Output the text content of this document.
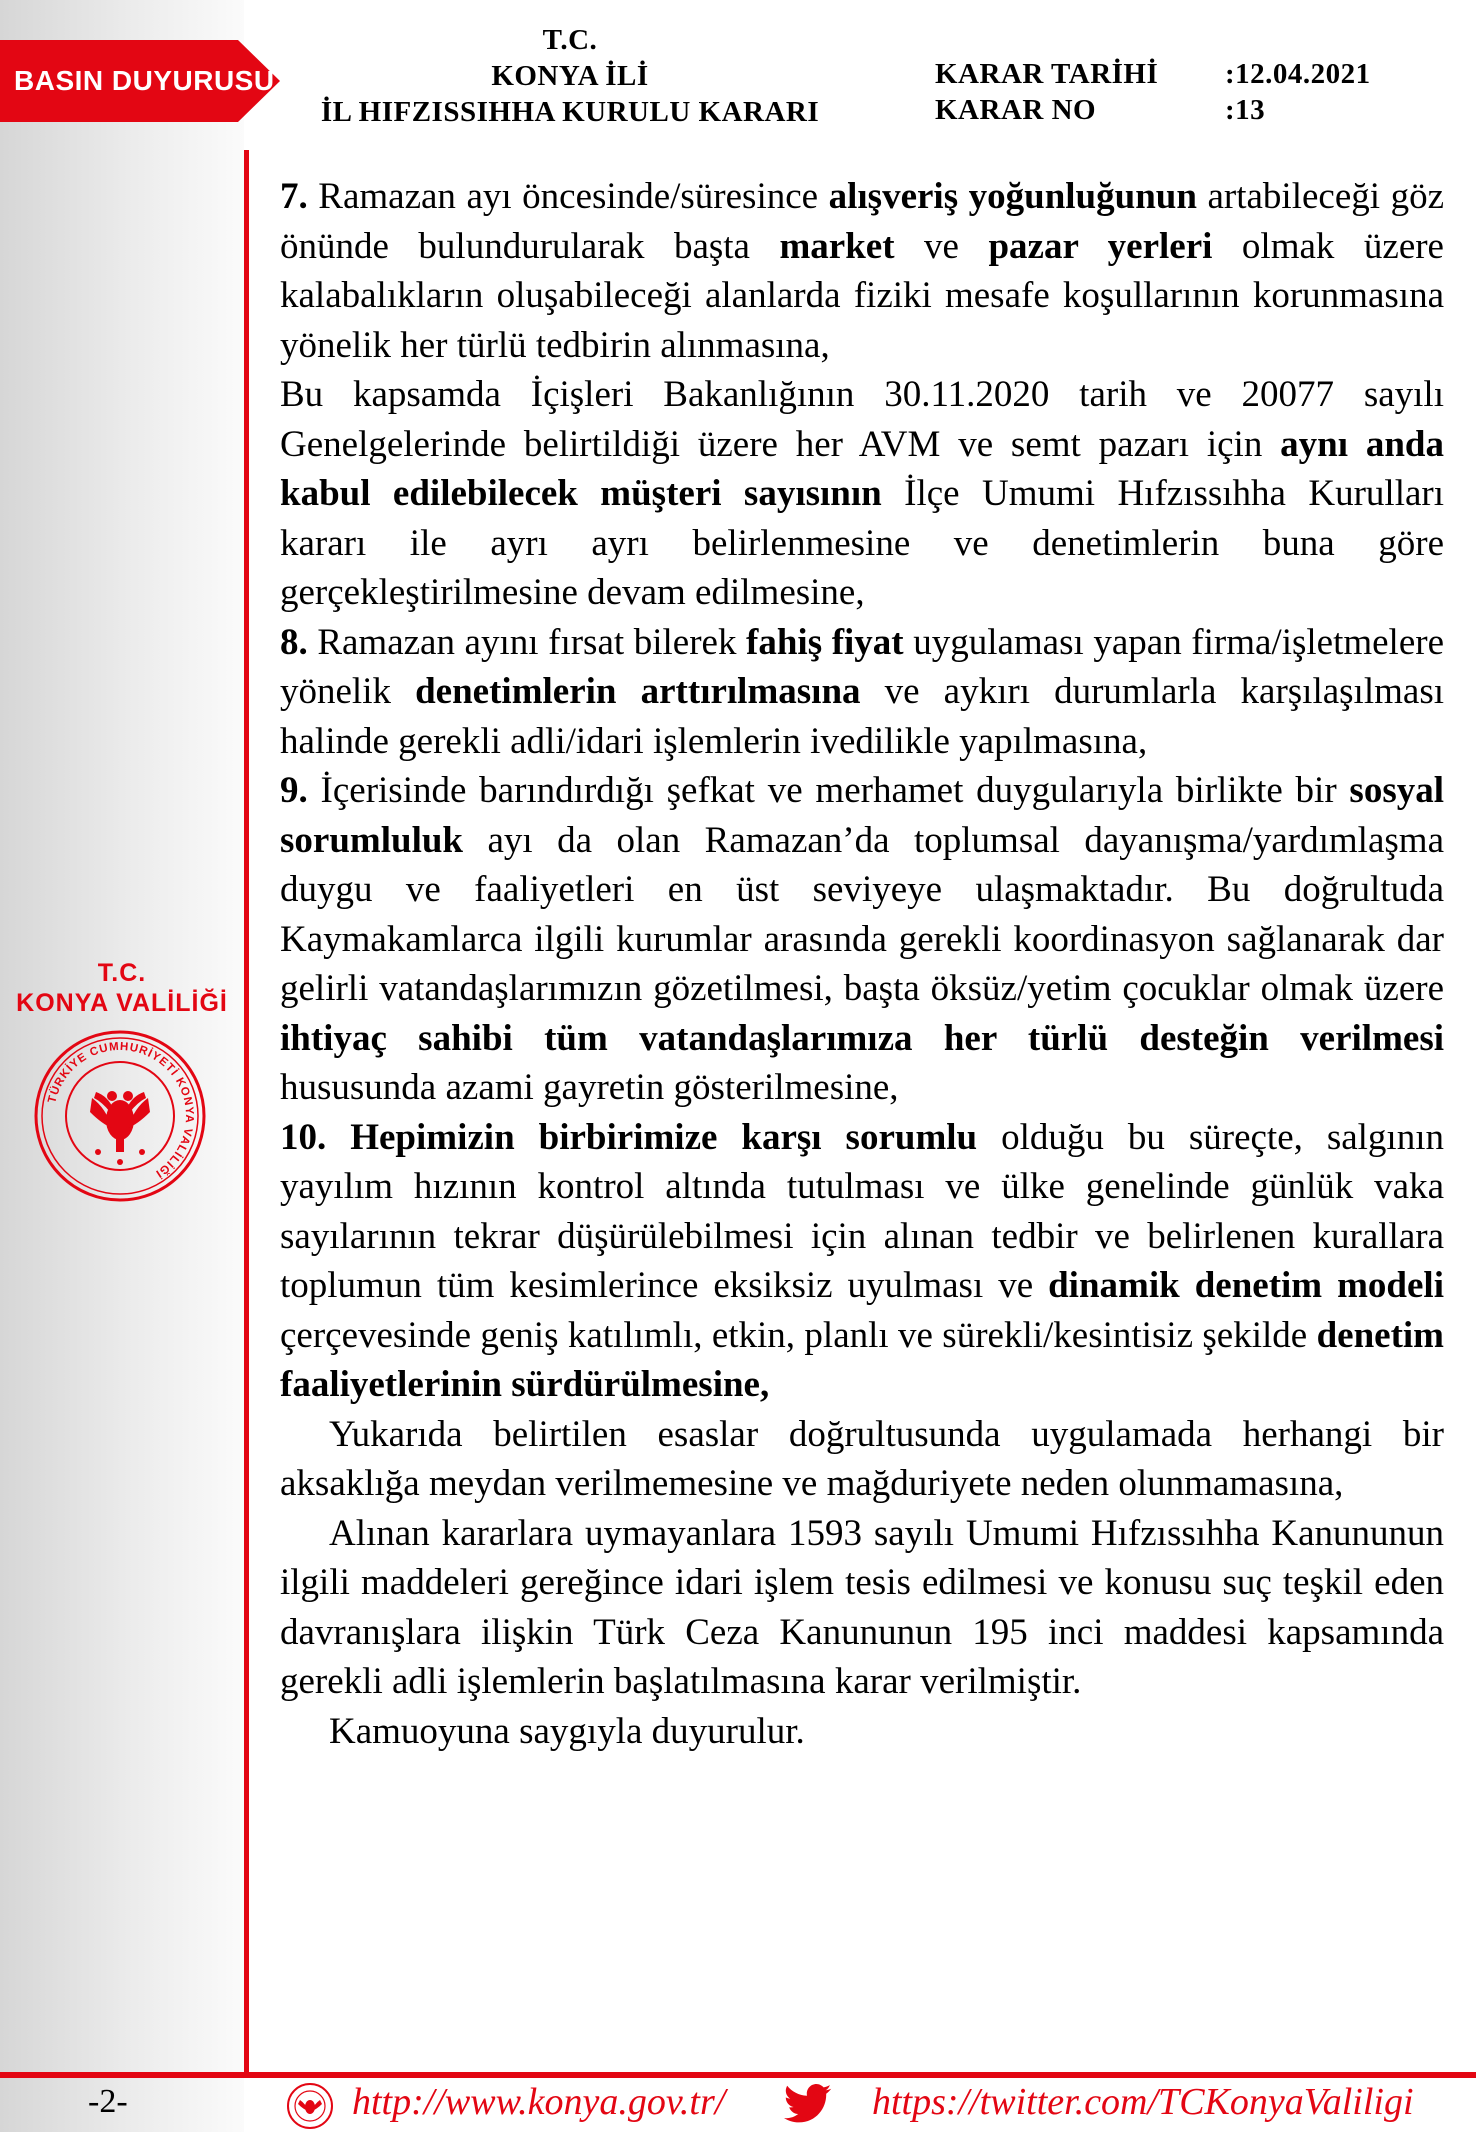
BASIN DUYURUSU
T.C.
KONYA İLİ
İL HIFZISSIHHA KURULU KARARI
KARAR TARİHİ	:12.04.2021
KARAR NO	:13
T.C.
KONYA VALİLİĞİ
TÜRKİYE CUMHURİYETİ KONYA VALİLİĞİ

7. Ramazan ayı öncesinde/süresince alışveriş yoğunluğunun artabileceği göz önünde bulundurularak başta market ve pazar yerleri olmak üzere kalabalıkların oluşabileceği alanlarda fiziki mesafe koşullarının korunmasına yönelik her türlü tedbirin alınmasına,

Bu kapsamda İçişleri Bakanlığının 30.11.2020 tarih ve 20077 sayılı Genelgelerinde belirtildiği üzere her AVM ve semt pazarı için aynı anda kabul edilebilecek müşteri sayısının İlçe Umumi Hıfzıssıhha Kurulları kararı ile ayrı ayrı belirlenmesine ve denetimlerin buna göre gerçekleştirilmesine devam edilmesine,

8. Ramazan ayını fırsat bilerek fahiş fiyat uygulaması yapan firma/işletmelere yönelik denetimlerin arttırılmasına ve aykırı durumlarla karşılaşılması halinde gerekli adli/idari işlemlerin ivedilikle yapılmasına,

9. İçerisinde barındırdığı şefkat ve merhamet duygularıyla birlikte bir sosyal sorumluluk ayı da olan Ramazan’da toplumsal dayanışma/yardımlaşma duygu ve faaliyetleri en üst seviyeye ulaşmaktadır. Bu doğrultuda Kaymakamlarca ilgili kurumlar arasında gerekli koordinasyon sağlanarak dar gelirli vatandaşlarımızın gözetilmesi, başta öksüz/yetim çocuklar olmak üzere ihtiyaç sahibi tüm vatandaşlarımıza her türlü desteğin verilmesi hususunda azami gayretin gösterilmesine,

10. Hepimizin birbirimize karşı sorumlu olduğu bu süreçte, salgının yayılım hızının kontrol altında tutulması ve ülke genelinde günlük vaka sayılarının tekrar düşürülebilmesi için alınan tedbir ve belirlenen kurallara toplumun tüm kesimlerince eksiksiz uyulması ve dinamik denetim modeli çerçevesinde geniş katılımlı, etkin, planlı ve sürekli/kesintisiz şekilde denetim faaliyetlerinin sürdürülmesine,

Yukarıda belirtilen esaslar doğrultusunda uygulamada herhangi bir aksaklığa meydan verilmemesine ve mağduriyete neden olunmamasına,

Alınan kararlara uymayanlara 1593 sayılı Umumi Hıfzıssıhha Kanununun ilgili maddeleri gereğince idari işlem tesis edilmesi ve konusu suç teşkil eden davranışlara ilişkin Türk Ceza Kanununun 195 inci maddesi kapsamında gerekli adli işlemlerin başlatılmasına karar verilmiştir.

Kamuoyuna saygıyla duyurulur.

-2-	http://www.konya.gov.tr/	https://twitter.com/TCKonyaValiligi
